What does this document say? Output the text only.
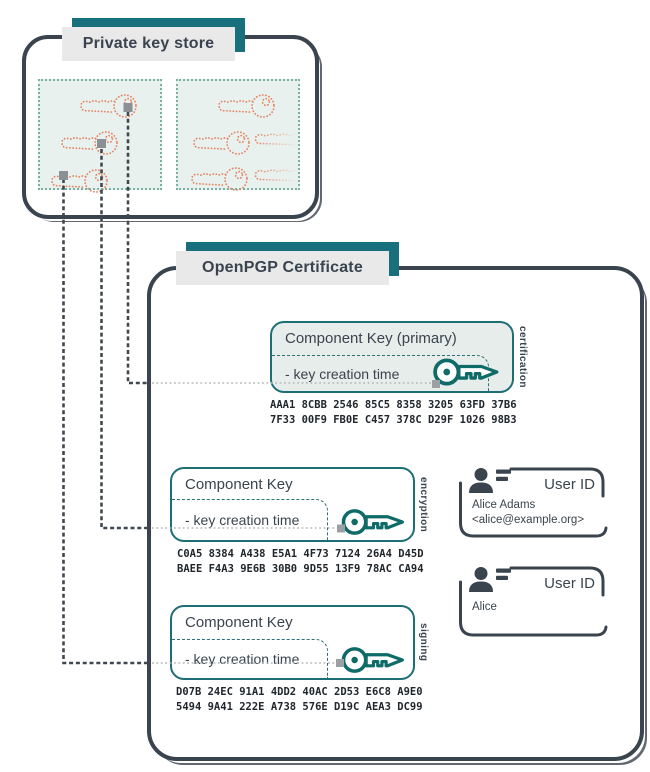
Private key store
OpenPGP Certificate
Component Key (primary)
- key creation time	certification
AAA1 8CBB 2546 85C5 8358 3205 63FD 37B6
7F33 00F9 FB0E C457 378C D29F 1026 98B3
Component Key
- key creation time	encryption
C0A5 8384 A438 E5A1 4F73 7124 26A4 D45D
BAEE F4A3 9E6B 30B0 9D55 13F9 78AC CA94
Component Key
- key creation time	signing
D07B 24EC 91A1 4DD2 40AC 2D53 E6C8 A9E0
5494 9A41 222E A738 576E D19C AEA3 DC99
User ID
Alice Adams
<alice@example.org>
User ID
Alice
